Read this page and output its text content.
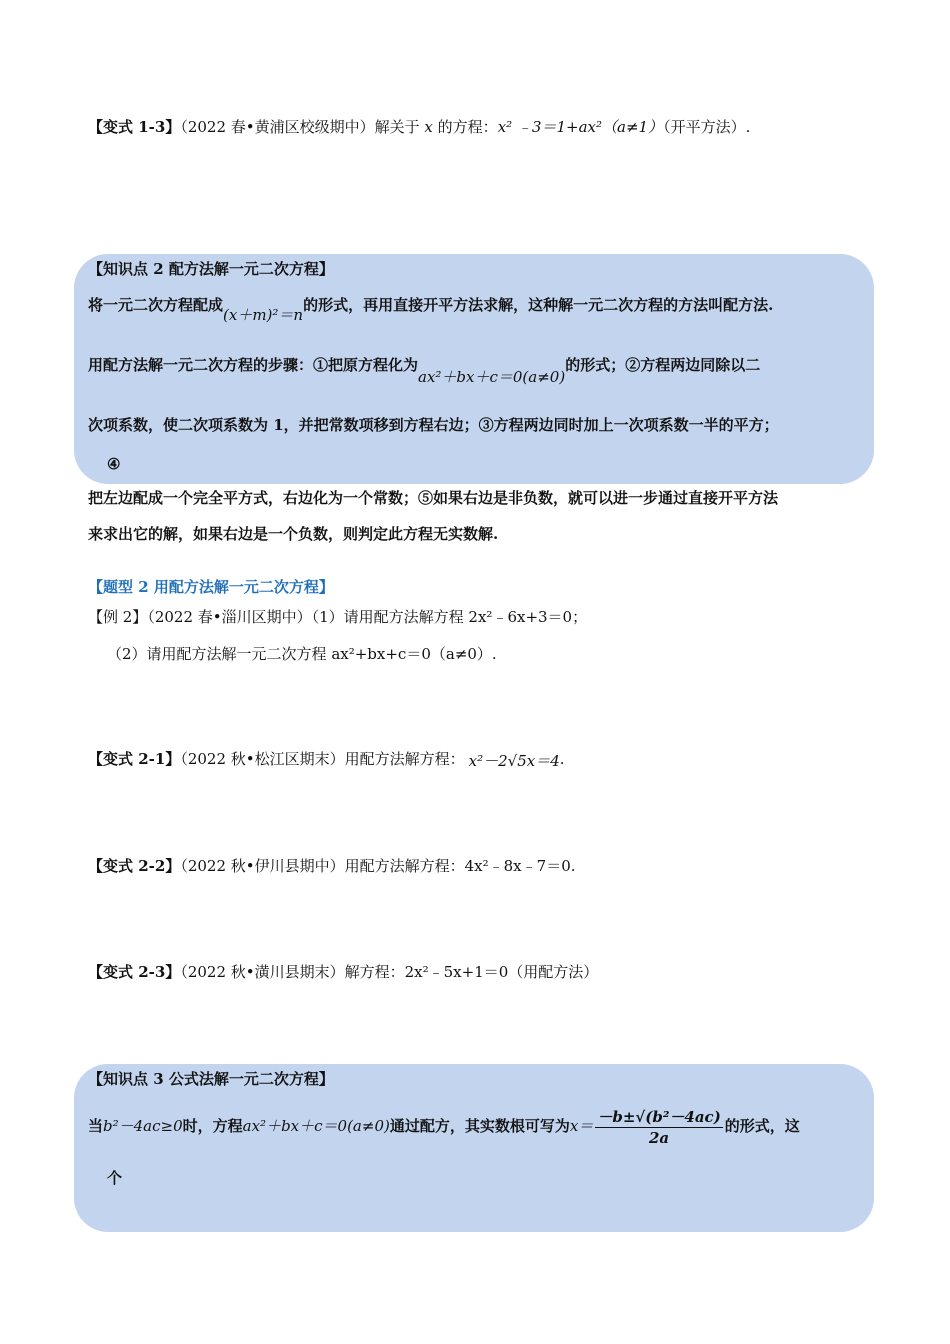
【变式 1-3】（2022 春•黄浦区校级期中）解关于 x 的方程：x² ﹣3＝1+ax²（a≠1）（开平方法）.
【知识点 2 配方法解一元二次方程】
将一元二次方程配成(x＋m)²＝n的形式，再用直接开平方法求解，这种解一元二次方程的方法叫配方法.
用配方法解一元二次方程的步骤：①把原方程化为ax²＋bx＋c＝0(a≠0)的形式；②方程两边同除以二
次项系数，使二次项系数为 1，并把常数项移到方程右边；③方程两边同时加上一次项系数一半的平方；
④
把左边配成一个完全平方式，右边化为一个常数；⑤如果右边是非负数，就可以进一步通过直接开平方法
来求出它的解，如果右边是一个负数，则判定此方程无实数解.
【题型 2 用配方法解一元二次方程】
【例 2】（2022 春•淄川区期中）（1）请用配方法解方程 2x²﹣6x+3＝0；
（2）请用配方法解一元二次方程 ax²+bx+c＝0（a≠0）.
【变式 2-1】（2022 秋•松江区期末）用配方法解方程： x²－2√5x＝4.
【变式 2-2】（2022 秋•伊川县期中）用配方法解方程：4x²﹣8x﹣7＝0.
【变式 2-3】（2022 秋•潢川县期末）解方程：2x²﹣5x+1＝0（用配方法）
【知识点 3 公式法解一元二次方程】
当b²－4ac≥0时，方程ax²＋bx＋c＝0(a≠0)通过配方，其实数根可写为$x= \frac{\text{－b±√(b²－4ac)}}{2a}$ 的形式，这
个
